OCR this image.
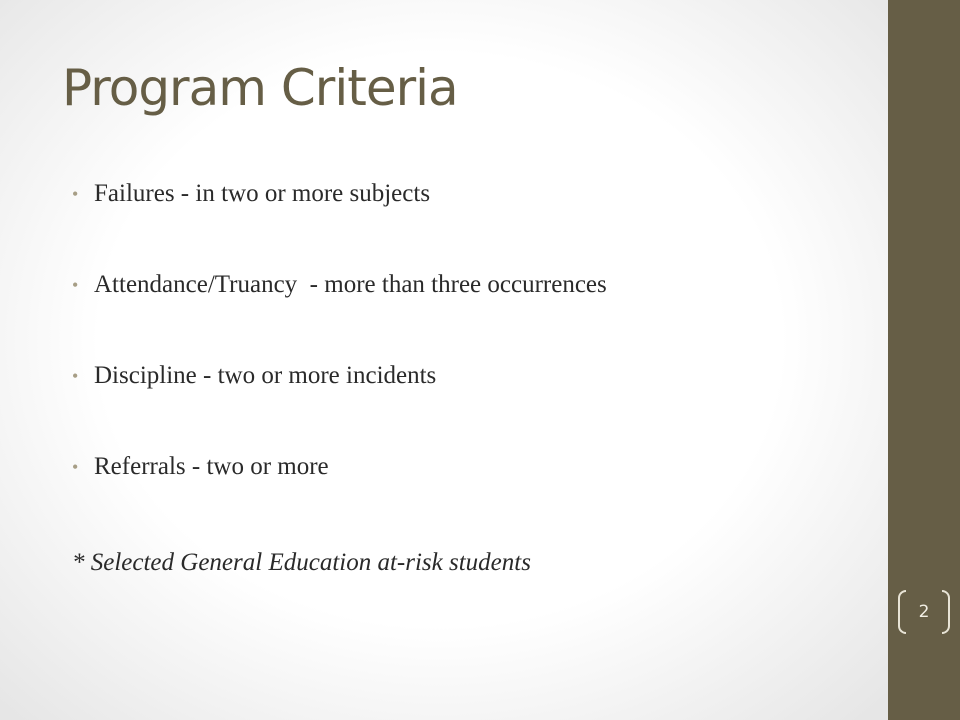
Program Criteria
• Failures - in two or more subjects
• Attendance/Truancy  - more than three occurrences
• Discipline - two or more incidents
• Referrals - two or more

* Selected General Education at-risk students

2
